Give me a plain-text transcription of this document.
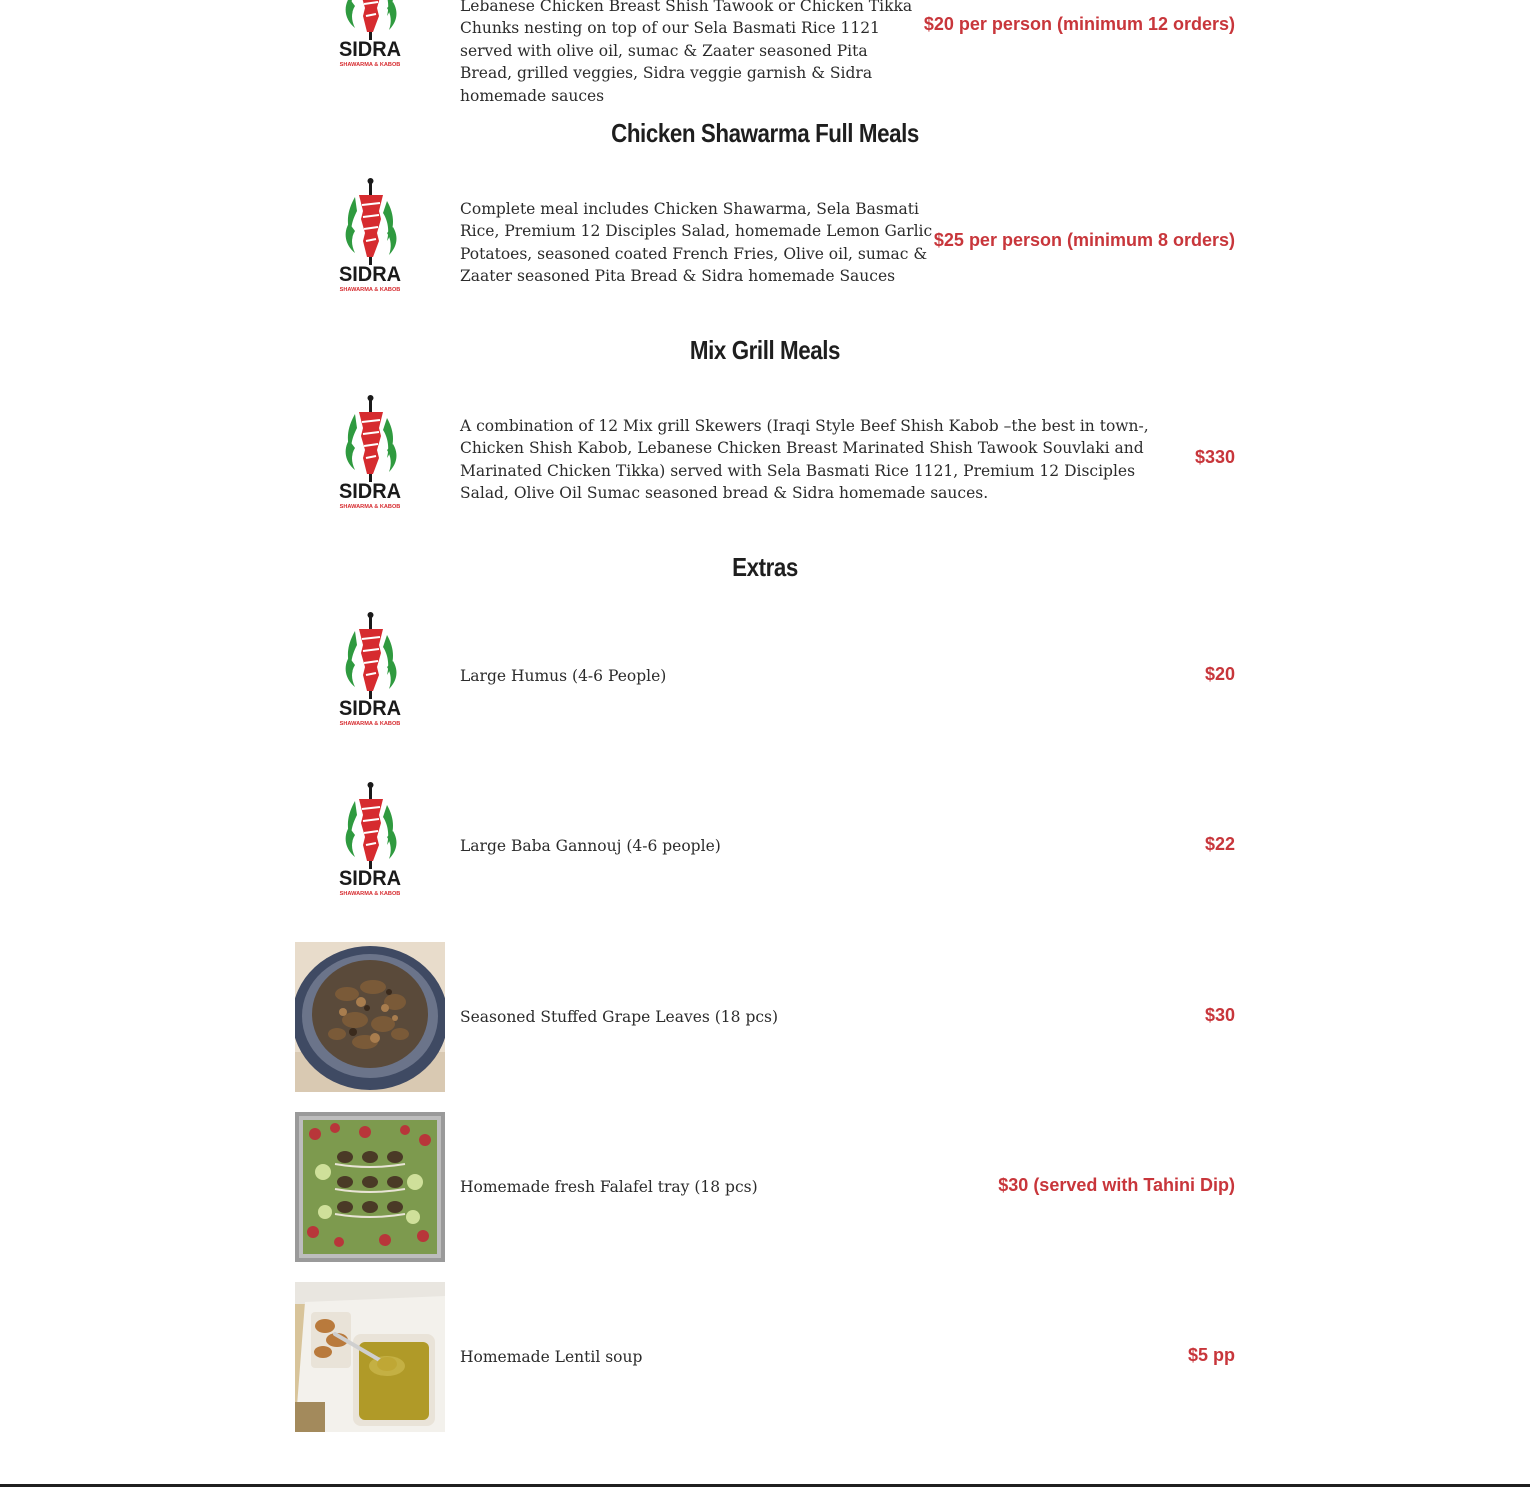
SIDRA
SHAWARMA & KABOB
Lebanese Chicken Breast Shish Tawook or Chicken Tikka Chunks nesting on top of our Sela Basmati Rice 1121 served with olive oil, sumac & Zaater seasoned Pita Bread, grilled veggies, Sidra veggie garnish & Sidra homemade sauces
$20 per person (minimum 12 orders)
Chicken Shawarma Full Meals
SIDRA
SHAWARMA & KABOB
Complete meal includes Chicken Shawarma, Sela Basmati Rice, Premium 12 Disciples Salad, homemade Lemon Garlic Potatoes, seasoned coated French Fries, Olive oil, sumac & Zaater seasoned Pita Bread & Sidra homemade Sauces
$25 per person (minimum 8 orders)
Mix Grill Meals
SIDRA
SHAWARMA & KABOB
A combination of 12 Mix grill Skewers (Iraqi Style Beef Shish Kabob –the best in town-, Chicken Shish Kabob, Lebanese Chicken Breast Marinated Shish Tawook Souvlaki and Marinated Chicken Tikka) served with Sela Basmati Rice 1121, Premium 12 Disciples Salad, Olive Oil Sumac seasoned bread & Sidra homemade sauces.
$330
Extras
SIDRA
SHAWARMA & KABOB
Large Humus (4-6 People)	$20
SIDRA
SHAWARMA & KABOB
Large Baba Gannouj (4-6 people)	$22
Seasoned Stuffed Grape Leaves (18 pcs)	$30
Homemade fresh Falafel tray (18 pcs)	$30 (served with Tahini Dip)
Homemade Lentil soup	$5 pp
